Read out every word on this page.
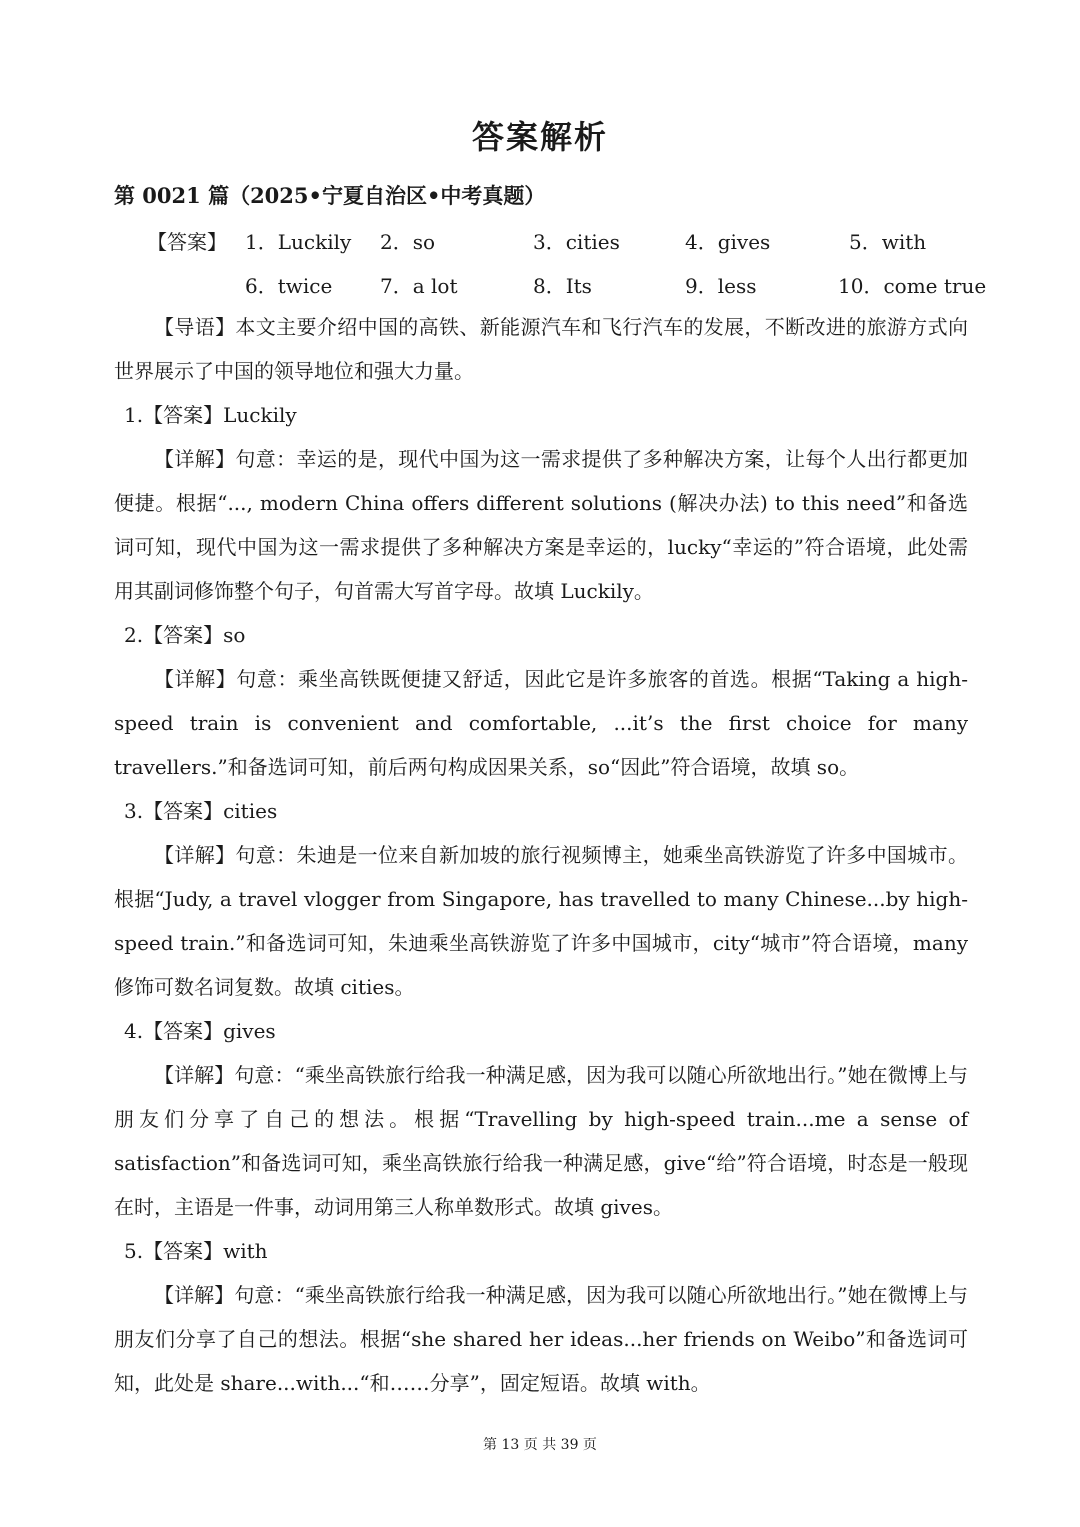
答案解析
第 0021 篇（2025•宁夏自治区•中考真题）
【答案】 1．Luckily 2．so	3．cities	4．gives	5．with
6．twice 7．a lot	8．Its	9．less	10．come true

【导语】本文主要介绍中国的高铁、新能源汽车和飞行汽车的发展，不断改进的旅游方式向世界展示了中国的领导地位和强大力量。

1.【答案】Luckily

【详解】句意：幸运的是，现代中国为这一需求提供了多种解决方案，让每个人出行都更加便捷。根据“..., modern China offers different solutions (解决办法) to this need”和备选词可知，现代中国为这一需求提供了多种解决方案是幸运的，lucky“幸运的”符合语境，此处需用其副词修饰整个句子，句首需大写首字母。故填 Luckily。

2.【答案】so

【详解】句意：乘坐高铁既便捷又舒适，因此它是许多旅客的首选。根据“Taking a high-speed train is convenient and comfortable, ...it’s the first choice for many travellers.”和备选词可知，前后两句构成因果关系，so“因此”符合语境，故填 so。

3.【答案】cities

【详解】句意：朱迪是一位来自新加坡的旅行视频博主，她乘坐高铁游览了许多中国城市。根据“Judy, a travel vlogger from Singapore, has travelled to many Chinese...by high-speed train.”和备选词可知，朱迪乘坐高铁游览了许多中国城市，city“城市”符合语境，many 修饰可数名词复数。故填 cities。

4.【答案】gives

【详解】句意：“乘坐高铁旅行给我一种满足感，因为我可以随心所欲地出行。”她在微博上与朋友们分享了自己的想法。根据“Travelling by high-speed train...me a sense of satisfaction”和备选词可知，乘坐高铁旅行给我一种满足感，give“给”符合语境，时态是一般现在时，主语是一件事，动词用第三人称单数形式。故填 gives。

5.【答案】with

【详解】句意：“乘坐高铁旅行给我一种满足感，因为我可以随心所欲地出行。”她在微博上与朋友们分享了自己的想法。根据“she shared her ideas...her friends on Weibo”和备选词可知，此处是 share...with...“和……分享”，固定短语。故填 with。

第 13 页 共 39 页
